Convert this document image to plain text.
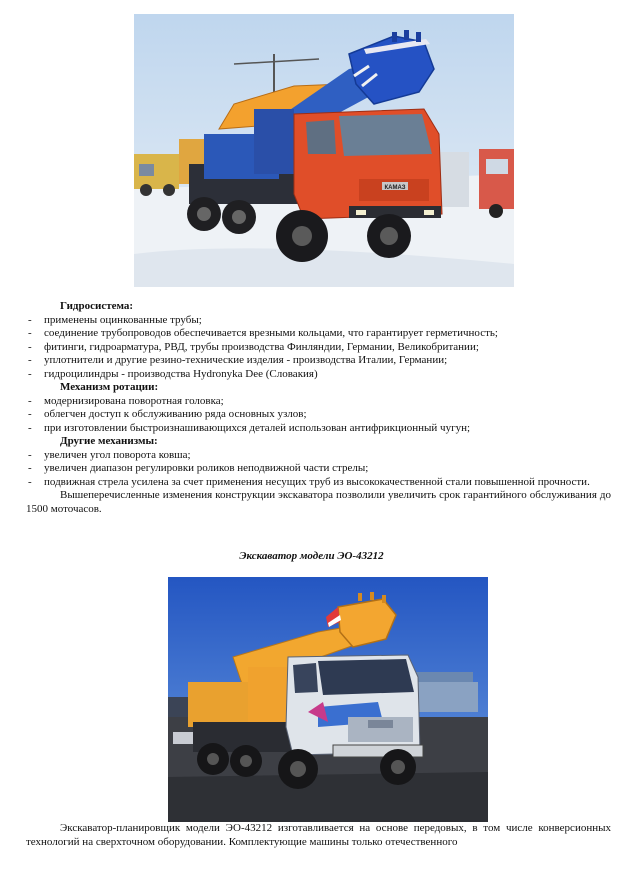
КАМАЗ
Гидросистема:
- применены оцинкованные трубы;
- соединение трубопроводов обеспечивается врезными кольцами, что гарантирует герметичность;
- фитинги, гидроарматура, РВД, трубы производства Финляндии, Германии, Великобритании;
- уплотнители и другие резино-технические изделия - производства Италии, Германии;
- гидроцилиндры - производства Hydronyka Dee (Словакия)
Механизм ротации:
- модернизирована поворотная головка;
- облегчен доступ к обслуживанию ряда основных узлов;
- при изготовлении быстроизнашивающихся деталей использован антифрикционный чугун;
Другие механизмы:
- увеличен угол поворота ковша;
- увеличен диапазон регулировки роликов неподвижной части стрелы;
- подвижная стрела усилена за счет применения несущих труб из высококачественной стали повышенной прочности.
Вышеперечисленные изменения конструкции экскаватора позволили увеличить срок гарантийного обслуживания до 1500 моточасов.
Экскаватор модели ЭО-43212
Экскаватор-планировщик модели ЭО-43212 изготавливается на основе передовых, в том числе конверсионных технологий на сверхточном оборудовании. Комплектующие машины только отечественного
